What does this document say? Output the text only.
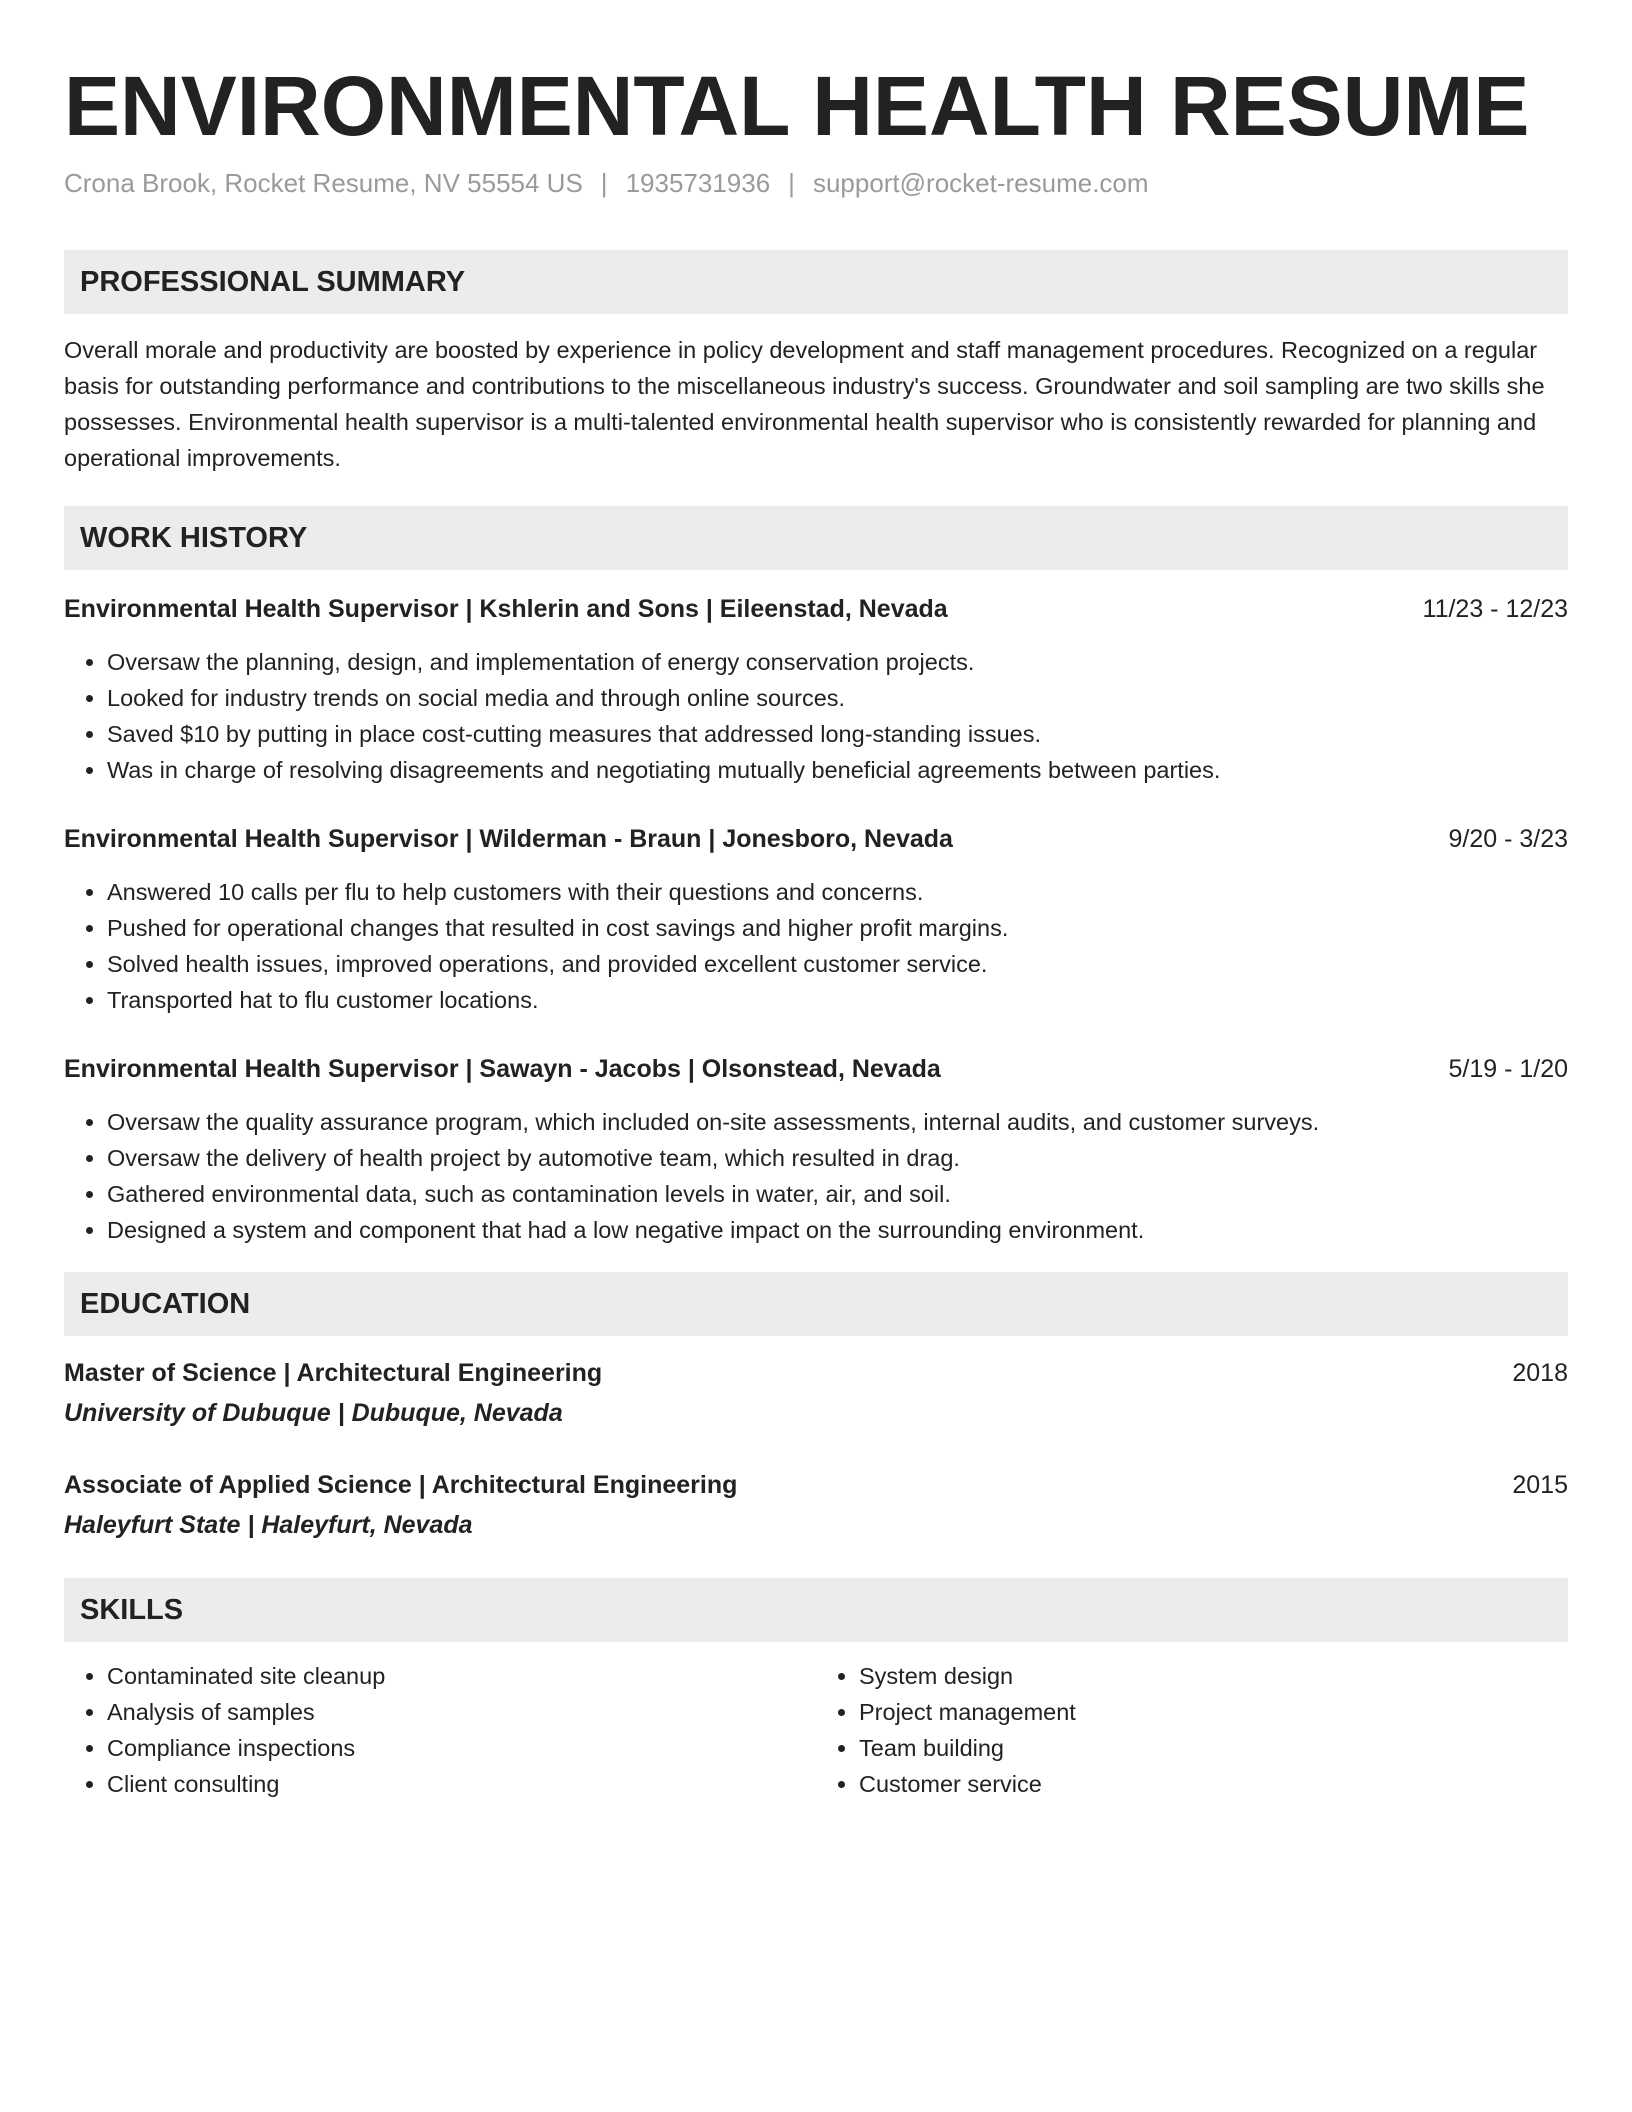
ENVIRONMENTAL HEALTH RESUME
Crona Brook, Rocket Resume, NV 55554 US | 1935731936 | support@rocket-resume.com
PROFESSIONAL SUMMARY
Overall morale and productivity are boosted by experience in policy development and staff management procedures. Recognized on a regular basis for outstanding performance and contributions to the miscellaneous industry's success. Groundwater and soil sampling are two skills she possesses. Environmental health supervisor is a multi-talented environmental health supervisor who is consistently rewarded for planning and operational improvements.
WORK HISTORY
Environmental Health Supervisor | Kshlerin and Sons | Eileenstad, Nevada	11/23 - 12/23
• Oversaw the planning, design, and implementation of energy conservation projects.
• Looked for industry trends on social media and through online sources.
• Saved $10 by putting in place cost-cutting measures that addressed long-standing issues.
• Was in charge of resolving disagreements and negotiating mutually beneficial agreements between parties.
Environmental Health Supervisor | Wilderman - Braun | Jonesboro, Nevada	9/20 - 3/23
• Answered 10 calls per flu to help customers with their questions and concerns.
• Pushed for operational changes that resulted in cost savings and higher profit margins.
• Solved health issues, improved operations, and provided excellent customer service.
• Transported hat to flu customer locations.
Environmental Health Supervisor | Sawayn - Jacobs | Olsonstead, Nevada	5/19 - 1/20
• Oversaw the quality assurance program, which included on-site assessments, internal audits, and customer surveys.
• Oversaw the delivery of health project by automotive team, which resulted in drag.
• Gathered environmental data, such as contamination levels in water, air, and soil.
• Designed a system and component that had a low negative impact on the surrounding environment.
EDUCATION
Master of Science | Architectural Engineering	2018
University of Dubuque | Dubuque, Nevada
Associate of Applied Science | Architectural Engineering	2015
Haleyfurt State | Haleyfurt, Nevada
SKILLS
• Contaminated site cleanup
• Analysis of samples
• Compliance inspections
• Client consulting
• System design
• Project management
• Team building
• Customer service
